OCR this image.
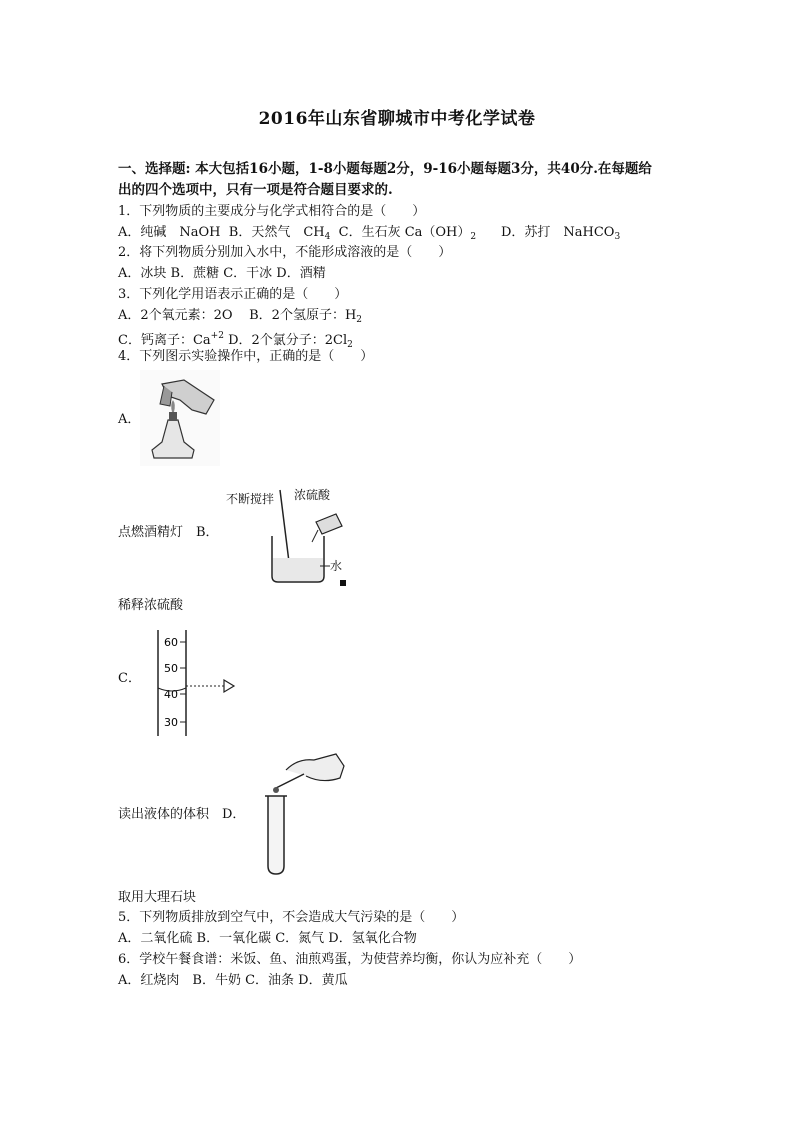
2016年山东省聊城市中考化学试卷
一、选择题: 本大包括16小题，1-8小题每题2分，9-16小题每题3分，共40分.在每题给
出的四个选项中，只有一项是符合题目要求的.
1．下列物质的主要成分与化学式相符合的是（　　）
A．纯碱　NaOH B．天然气　$CH_4$ C．生石灰 $Ca(OH)_2$ D．苏打　NaHCO$_3$
2．将下列物质分别加入水中，不能形成溶液的是（　　）
A．冰块 B．蔗糖 C．干冰 D．酒精
3．下列化学用语表示正确的是（　　）
A．2个氧元素：2O B．2个氢原子：$H_2$
C．钙离子：$Ca^{+2}$ D．2个氯分子：$2Cl_2$
4．下列图示实验操作中，正确的是（　　）
A．
点燃酒精灯　B．
不断搅拌 浓硫酸
水
稀释浓硫酸
C．
60
50
40
30
读出液体的体积　D．
取用大理石块
5．下列物质排放到空气中，不会造成大气污染的是（　　）
A．二氧化硫 B．一氧化碳 C．氮气 D．氢氧化合物
6．学校午餐食谱：米饭、鱼、油煎鸡蛋，为使营养均衡，你认为应补充（　　）
A．红烧肉　B．牛奶 C．油条 D．黄瓜
